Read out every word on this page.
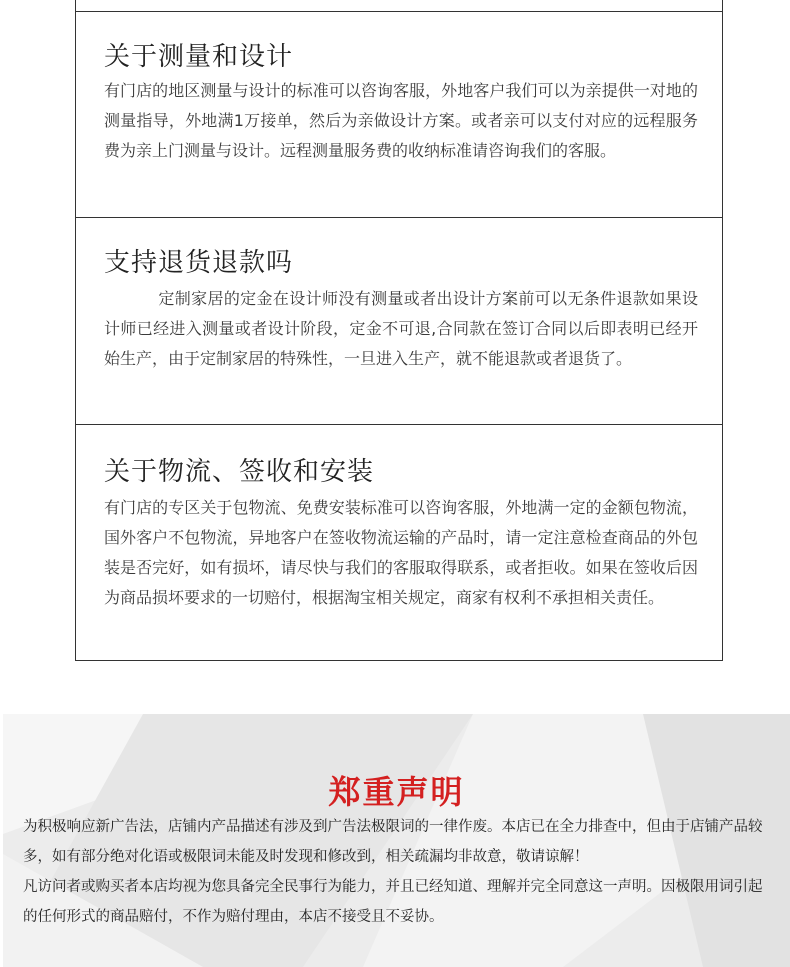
关于测量和设计

有门店的地区测量与设计的标准可以咨询客服，外地客户我们可以为亲提供一对地的测量指导，外地满1万接单，然后为亲做设计方案。或者亲可以支付对应的远程服务费为亲上门测量与设计。远程测量服务费的收纳标准请咨询我们的客服。

支持退货退款吗

定制家居的定金在设计师没有测量或者出设计方案前可以无条件退款如果设计师已经进入测量或者设计阶段，定金不可退,合同款在签订合同以后即表明已经开始生产，由于定制家居的特殊性，一旦进入生产，就不能退款或者退货了。

关于物流、签收和安装

有门店的专区关于包物流、免费安装标准可以咨询客服，外地满一定的金额包物流，国外客户不包物流，异地客户在签收物流运输的产品时，请一定注意检查商品的外包装是否完好，如有损坏，请尽快与我们的客服取得联系，或者拒收。如果在签收后因为商品损坏要求的一切赔付，根据淘宝相关规定，商家有权利不承担相关责任。

郑重声明

为积极响应新广告法，店铺内产品描述有涉及到广告法极限词的一律作废。本店已在全力排查中，但由于店铺产品较多，如有部分绝对化语或极限词未能及时发现和修改到，相关疏漏均非故意，敬请谅解！

凡访问者或购买者本店均视为您具备完全民事行为能力，并且已经知道、理解并完全同意这一声明。因极限用词引起的任何形式的商品赔付，不作为赔付理由，本店不接受且不妥协。
